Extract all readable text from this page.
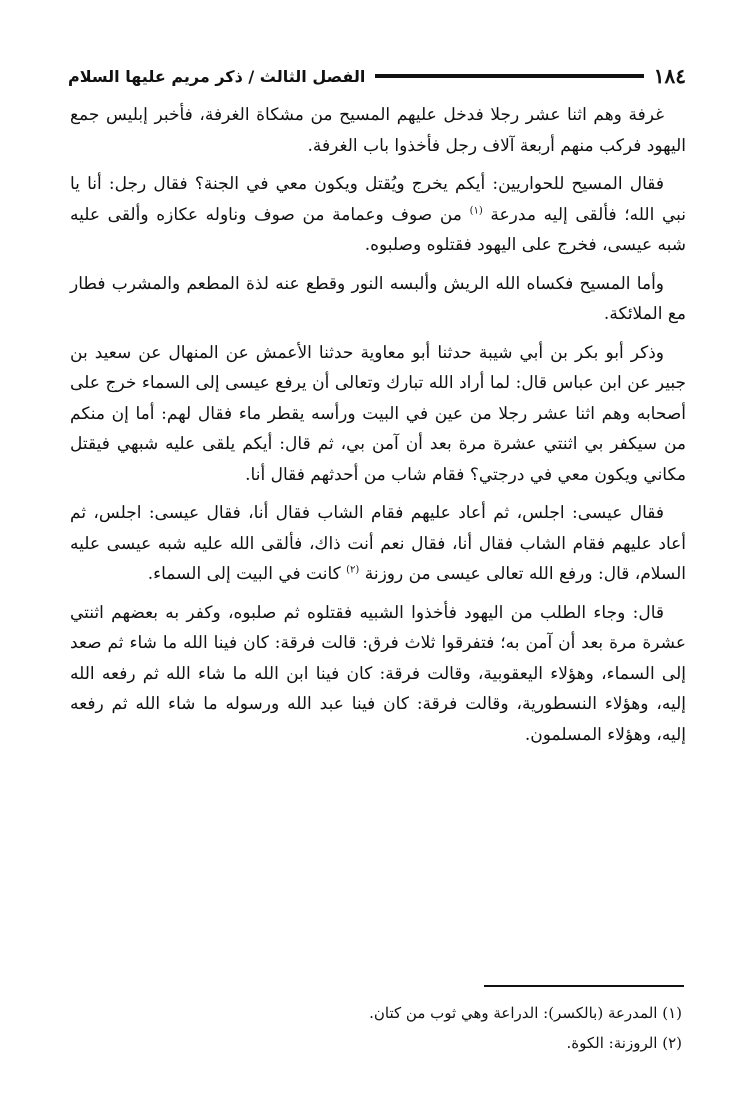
الفصل الثالث / ذكر مريم عليها السلام	١٨٤

غرفة وهم اثنا عشر رجلا فدخل عليهم المسيح من مشكاة الغرفة، فأخبر إبليس جمع اليهود فركب منهم أربعة آلاف رجل فأخذوا باب الغرفة.

فقال المسيح للحواريين: أيكم يخرج ويُقتل ويكون معي في الجنة؟ فقال رجل: أنا يا نبي الله؛ فألقى إليه مدرعة $^{(١)}$ من صوف وعمامة من صوف وناوله عكازه وألقى عليه شبه عيسى، فخرج على اليهود فقتلوه وصلبوه.

وأما المسيح فكساه الله الريش وألبسه النور وقطع عنه لذة المطعم والمشرب فطار مع الملائكة.

وذكر أبو بكر بن أبي شيبة حدثنا أبو معاوية حدثنا الأعمش عن المنهال عن سعيد بن جبير عن ابن عباس قال: لما أراد الله تبارك وتعالى أن يرفع عيسى إلى السماء خرج على أصحابه وهم اثنا عشر رجلا من عين في البيت ورأسه يقطر ماء فقال لهم: أما إن منكم من سيكفر بي اثنتي عشرة مرة بعد أن آمن بي، ثم قال: أيكم يلقى عليه شبهي فيقتل مكاني ويكون معي في درجتي؟ فقام شاب من أحدثهم فقال أنا.

فقال عيسى: اجلس، ثم أعاد عليهم فقام الشاب فقال أنا، فقال عيسى: اجلس، ثم أعاد عليهم فقام الشاب فقال أنا، فقال نعم أنت ذاك، فألقى الله عليه شبه عيسى عليه السلام، قال: ورفع الله تعالى عيسى من روزنة $^{(٢)}$ كانت في البيت إلى السماء.

قال: وجاء الطلب من اليهود فأخذوا الشبيه فقتلوه ثم صلبوه، وكفر به بعضهم اثنتي عشرة مرة بعد أن آمن به؛ فتفرقوا ثلاث فرق: قالت فرقة: كان فينا الله ما شاء ثم صعد إلى السماء، وهؤلاء اليعقوبية، وقالت فرقة: كان فينا ابن الله ما شاء الله ثم رفعه الله إليه، وهؤلاء النسطورية، وقالت فرقة: كان فينا عبد الله ورسوله ما شاء الله ثم رفعه إليه، وهؤلاء المسلمون.

(١) المدرعة (بالكسر): الدراعة وهي ثوب من كتان.
(٢) الروزنة: الكوة.
